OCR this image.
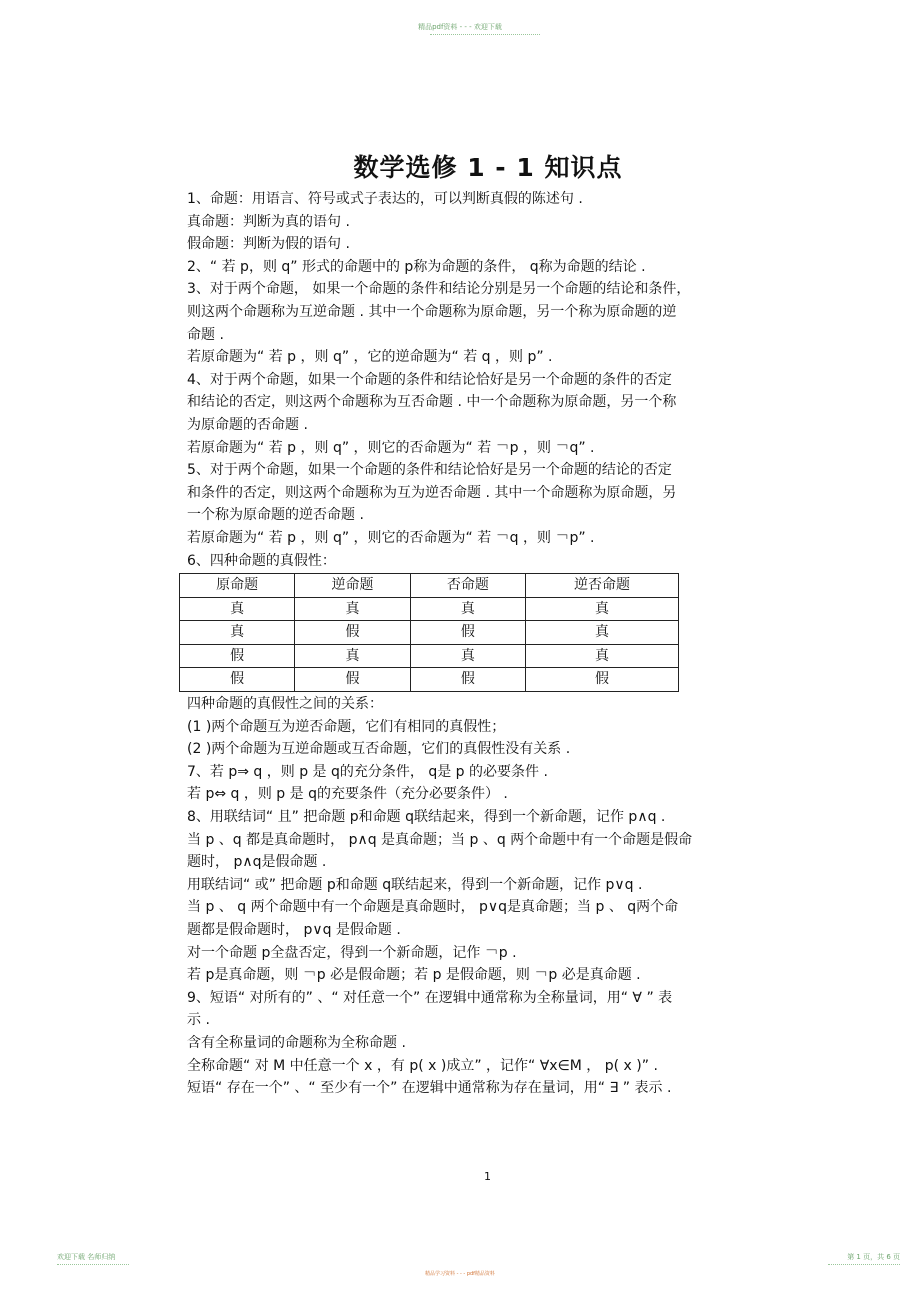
精品pdf资料 - - - 欢迎下载
数学选修 1 - 1 知识点
1、命题：用语言、符号或式子表达的，可以判断真假的陈述句 .
真命题：判断为真的语句 .
假命题：判断为假的语句 .
2、“ 若 p，则 q” 形式的命题中的 p称为命题的条件， q称为命题的结论 .
3、对于两个命题， 如果一个命题的条件和结论分别是另一个命题的结论和条件，
则这两个命题称为互逆命题 . 其中一个命题称为原命题，另一个称为原命题的逆
命题 .
若原命题为“ 若 p ，则 q” ，它的逆命题为“ 若 q ，则 p” .
4、对于两个命题，如果一个命题的条件和结论恰好是另一个命题的条件的否定
和结论的否定，则这两个命题称为互否命题 . 中一个命题称为原命题，另一个称
为原命题的否命题 .
若原命题为“ 若 p ，则 q” ，则它的否命题为“ 若 ￢p ，则 ￢q” .
5、对于两个命题，如果一个命题的条件和结论恰好是另一个命题的结论的否定
和条件的否定，则这两个命题称为互为逆否命题 . 其中一个命题称为原命题，另
一个称为原命题的逆否命题 .
若原命题为“ 若 p ，则 q” ，则它的否命题为“ 若 ￢q ，则 ￢p” .
6、四种命题的真假性：
原命题	逆命题	否命题	逆否命题
真	真	真	真
真	假	假	真
假	真	真	真
假	假	假	假
四种命题的真假性之间的关系：
(1 )两个命题互为逆否命题，它们有相同的真假性；
(2 )两个命题为互逆命题或互否命题，它们的真假性没有关系 .
7、若 p⇒ q ，则 p 是 q的充分条件， q是 p 的必要条件 .
若 p⇔ q ，则 p 是 q的充要条件（充分必要条件） .
8、用联结词“ 且” 把命题 p和命题 q联结起来，得到一个新命题，记作 p∧q .
当 p 、q 都是真命题时， p∧q 是真命题；当 p 、q 两个命题中有一个命题是假命
题时， p∧q是假命题 .
用联结词“ 或” 把命题 p和命题 q联结起来，得到一个新命题，记作 p∨q .
当 p 、 q 两个命题中有一个命题是真命题时， p∨q是真命题；当 p 、 q两个命
题都是假命题时， p∨q 是假命题 .
对一个命题 p全盘否定，得到一个新命题，记作 ￢p .
若 p是真命题，则 ￢p 必是假命题；若 p 是假命题，则 ￢p 必是真命题 .
9、短语“ 对所有的” 、“ 对任意一个” 在逻辑中通常称为全称量词，用“ ∀ ” 表
示 .
含有全称量词的命题称为全称命题 .
全称命题“ 对 M 中任意一个 x ，有 p( x )成立” ，记作“ ∀x∈M ， p( x )” .
短语“ 存在一个” 、“ 至少有一个” 在逻辑中通常称为存在量词，用“ ∃ ” 表示 .
1
欢迎下载 名师归纳	第 1 页，共 6 页
精品学习资料 - - - pdf精品资料
